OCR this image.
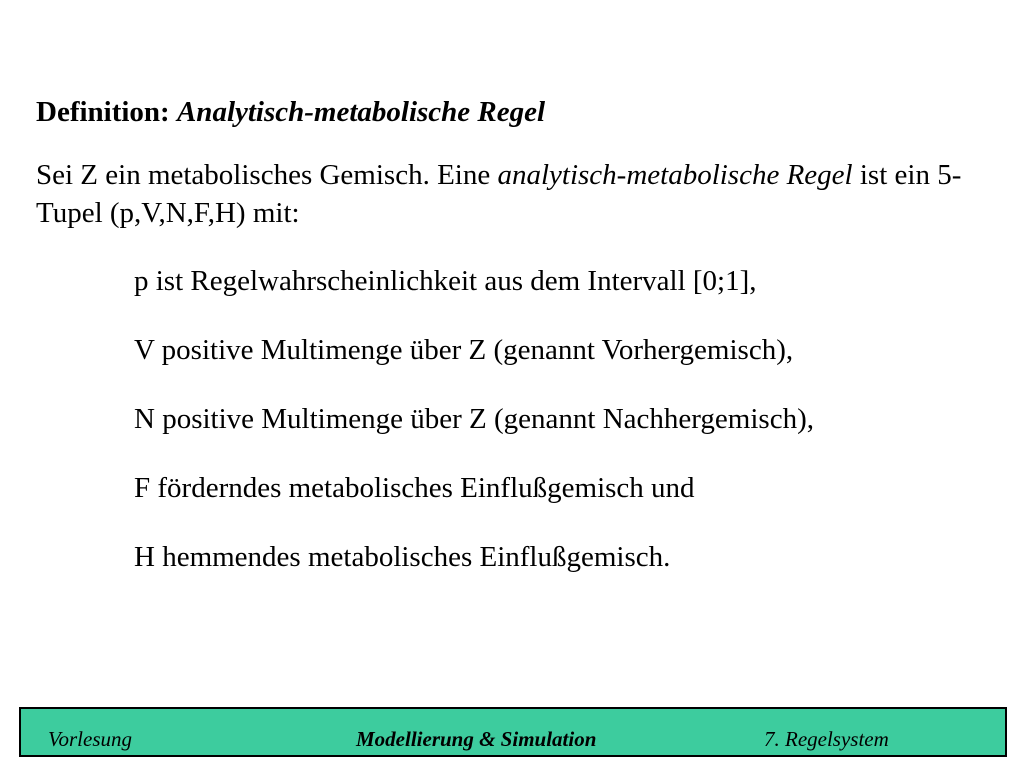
Definition: Analytisch-metabolische Regel
Sei Z ein metabolisches Gemisch. Eine analytisch-metabolische Regel ist ein 5-Tupel (p,V,N,F,H) mit:
p ist Regelwahrscheinlichkeit aus dem Intervall [0;1],
V positive Multimenge über Z (genannt Vorhergemisch),
N positive Multimenge über Z (genannt Nachhergemisch),
F förderndes metabolisches Einflußgemisch und
H hemmendes metabolisches Einflußgemisch.
Vorlesung	Modellierung & Simulation	7. Regelsystem
